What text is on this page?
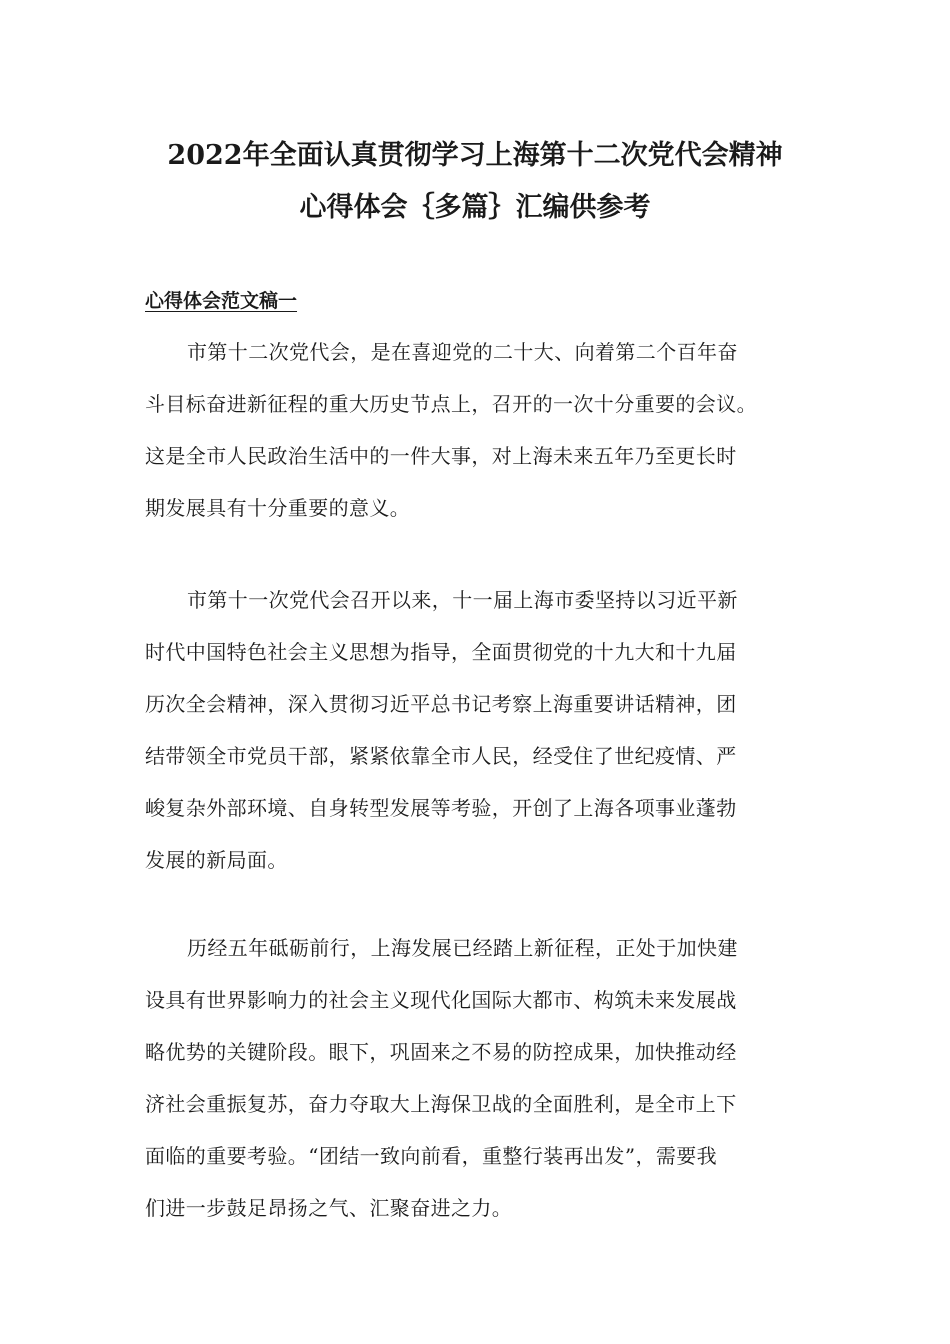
2022年全面认真贯彻学习上海第十二次党代会精神
心得体会｛多篇｝汇编供参考
心得体会范文稿一
市第十二次党代会，是在喜迎党的二十大、向着第二个百年奋
斗目标奋进新征程的重大历史节点上，召开的一次十分重要的会议。
这是全市人民政治生活中的一件大事，对上海未来五年乃至更长时
期发展具有十分重要的意义。
市第十一次党代会召开以来，十一届上海市委坚持以习近平新
时代中国特色社会主义思想为指导，全面贯彻党的十九大和十九届
历次全会精神，深入贯彻习近平总书记考察上海重要讲话精神，团
结带领全市党员干部，紧紧依靠全市人民，经受住了世纪疫情、严
峻复杂外部环境、自身转型发展等考验，开创了上海各项事业蓬勃
发展的新局面。
历经五年砥砺前行，上海发展已经踏上新征程，正处于加快建
设具有世界影响力的社会主义现代化国际大都市、构筑未来发展战
略优势的关键阶段。眼下，巩固来之不易的防控成果，加快推动经
济社会重振复苏，奋力夺取大上海保卫战的全面胜利，是全市上下
面临的重要考验。“团结一致向前看，重整行装再出发”，需要我
们进一步鼓足昂扬之气、汇聚奋进之力。
